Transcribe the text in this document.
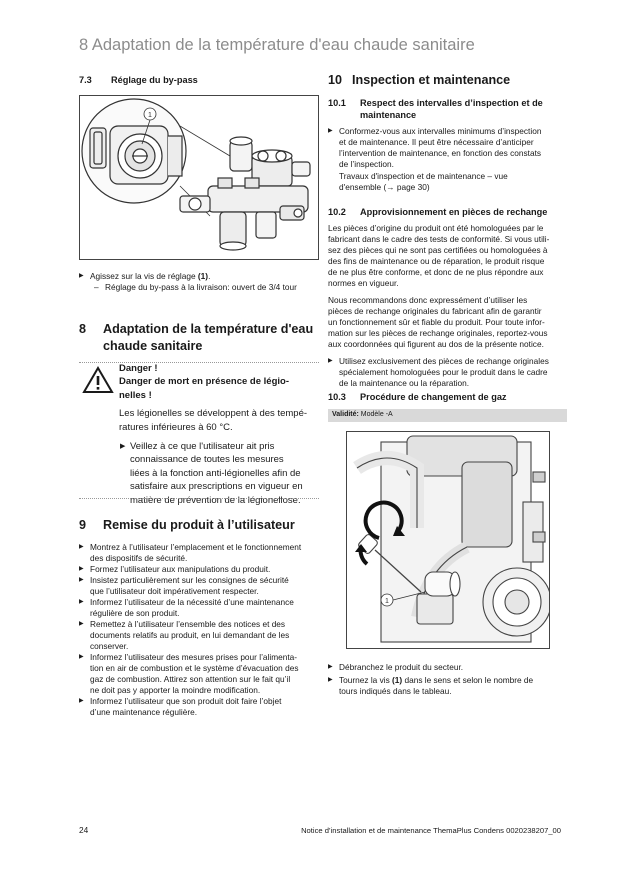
8 Adaptation de la température d'eau chaude sanitaire
7.3 Réglage du by-pass
1
▶ Agissez sur la vis de réglage (1).
– Réglage du by-pass à la livraison: ouvert de 3/4 tour
8 Adaptation de la température d'eau
chaude sanitaire
Danger !
Danger de mort en présence de légio-
nelles !
Les légionelles se développent à des tempé-
ratures inférieures à 60 °C.
▶ Veillez à ce que l'utilisateur ait pris
connaissance de toutes les mesures
liées à la fonction anti-légionelles afin de
satisfaire aux prescriptions en vigueur en
matière de prévention de la légionellose.
9 Remise du produit à l’utilisateur
▶ Montrez à l’utilisateur l’emplacement et le fonctionnement
des dispositifs de sécurité.
▶ Formez l’utilisateur aux manipulations du produit.
▶ Insistez particulièrement sur les consignes de sécurité
que l’utilisateur doit impérativement respecter.
▶ Informez l’utilisateur de la nécessité d’une maintenance
régulière de son produit.
▶ Remettez à l’utilisateur l’ensemble des notices et des
documents relatifs au produit, en lui demandant de les
conserver.
▶ Informez l’utilisateur des mesures prises pour l’alimenta-
tion en air de combustion et le système d’évacuation des
gaz de combustion. Attirez son attention sur le fait qu’il
ne doit pas y apporter la moindre modification.
▶ Informez l’utilisateur que son produit doit faire l’objet
d’une maintenance régulière.
10 Inspection et maintenance
10.1 Respect des intervalles d’inspection et de
maintenance
▶ Conformez-vous aux intervalles minimums d’inspection
et de maintenance. Il peut être nécessaire d’anticiper
l’intervention de maintenance, en fonction des constats
de l’inspection.
Travaux d'inspection et de maintenance – vue
d'ensemble (→ page 30)
10.2 Approvisionnement en pièces de rechange
Les pièces d’origine du produit ont été homologuées par le
fabricant dans le cadre des tests de conformité. Si vous utili-
sez des pièces qui ne sont pas certifiées ou homologuées à
des fins de maintenance ou de réparation, le produit risque
de ne plus être conforme, et donc de ne plus répondre aux
normes en vigueur.
Nous recommandons donc expressément d’utiliser les
pièces de rechange originales du fabricant afin de garantir
un fonctionnement sûr et fiable du produit. Pour toute infor-
mation sur les pièces de rechange originales, reportez-vous
aux coordonnées qui figurent au dos de la présente notice.
▶ Utilisez exclusivement des pièces de rechange originales
spécialement homologuées pour le produit dans le cadre
de la maintenance ou la réparation.
10.3 Procédure de changement de gaz
Validité: Modèle -A
1
▶ Débranchez le produit du secteur.
▶ Tournez la vis (1) dans le sens et selon le nombre de
tours indiqués dans le tableau.
24	Notice d’installation et de maintenance ThemaPlus Condens 0020238207_00
